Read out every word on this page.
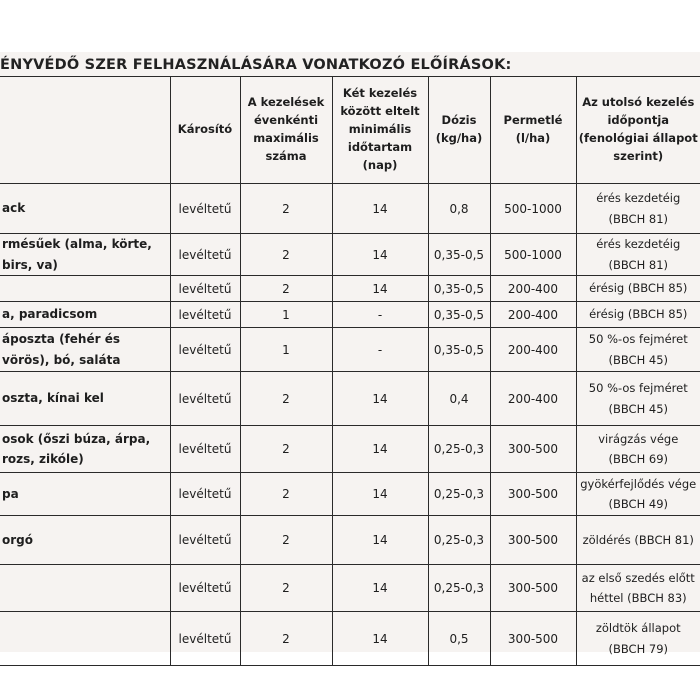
ÉNYVÉDŐ SZER FELHASZNÁLÁSÁRA VONATKOZÓ ELŐÍRÁSOK:
	Károsító	A kezelések évenkénti maximális száma	Két kezelés között eltelt minimális időtartam (nap)	Dózis (kg/ha)	Permetlé (l/ha)	Az utolsó kezelés időpontja (fenológiai állapot szerint)
ack	levéltetű	2	14	0,8	500-1000	érés kezdetéig (BBCH 81)
rmésűek (alma, körte, birs, va)	levéltetű	2	14	0,35-0,5	500-1000	érés kezdetéig (BBCH 81)
	levéltetű	2	14	0,35-0,5	200-400	érésig (BBCH 85)
a, paradicsom	levéltetű	1	-	0,35-0,5	200-400	érésig (BBCH 85)
áposzta (fehér és vörös), bó, saláta	levéltetű	1	-	0,35-0,5	200-400	50 %-os fejméret (BBCH 45)
oszta, kínai kel	levéltetű	2	14	0,4	200-400	50 %-os fejméret (BBCH 45)
osok (őszi búza, árpa, rozs, zikóle)	levéltetű	2	14	0,25-0,3	300-500	virágzás vége (BBCH 69)
pa	levéltetű	2	14	0,25-0,3	300-500	gyökérfejlődés vége (BBCH 49)
orgó	levéltetű	2	14	0,25-0,3	300-500	zöldérés (BBCH 81)
	levéltetű	2	14	0,25-0,3	300-500	az első szedés előtt héttel (BBCH 83)
	levéltetű	2	14	0,5	300-500	zöldtök állapot (BBCH 79)
